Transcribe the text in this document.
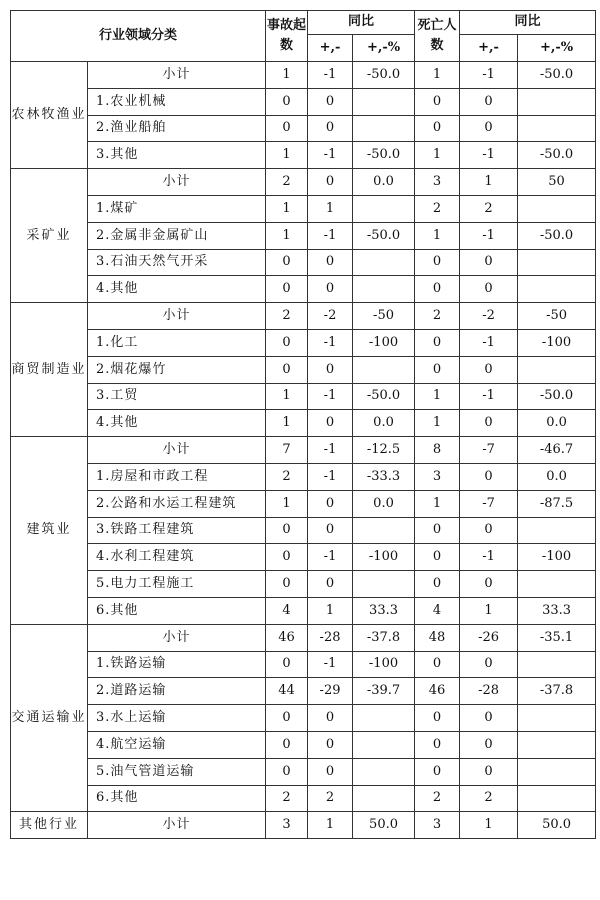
行业领域分类		事故起数	同比		死亡人数	同比	
			+,-	+,-%		+,-	+,-%
农林牧渔业	小计	1	-1	-50.0	1	-1	-50.0
	1.农业机械	0	0		0	0	
	2.渔业船舶	0	0		0	0	
	3.其他	1	-1	-50.0	1	-1	-50.0
采矿业	小计	2	0	0.0	3	1	50
	1.煤矿	1	1		2	2	
	2.金属非金属矿山	1	-1	-50.0	1	-1	-50.0
	3.石油天然气开采	0	0		0	0	
	4.其他	0	0		0	0	
商贸制造业	小计	2	-2	-50	2	-2	-50
	1.化工	0	-1	-100	0	-1	-100
	2.烟花爆竹	0	0		0	0	
	3.工贸	1	-1	-50.0	1	-1	-50.0
	4.其他	1	0	0.0	1	0	0.0
建筑业	小计	7	-1	-12.5	8	-7	-46.7
	1.房屋和市政工程	2	-1	-33.3	3	0	0.0
	2.公路和水运工程建筑	1	0	0.0	1	-7	-87.5
	3.铁路工程建筑	0	0		0	0	
	4.水利工程建筑	0	-1	-100	0	-1	-100
	5.电力工程施工	0	0		0	0	
	6.其他	4	1	33.3	4	1	33.3
交通运输业	小计	46	-28	-37.8	48	-26	-35.1
	1.铁路运输	0	-1	-100	0	0	
	2.道路运输	44	-29	-39.7	46	-28	-37.8
	3.水上运输	0	0		0	0	
	4.航空运输	0	0		0	0	
	5.油气管道运输	0	0		0	0	
	6.其他	2	2		2	2	
其他行业	小计	3	1	50.0	3	1	50.0
